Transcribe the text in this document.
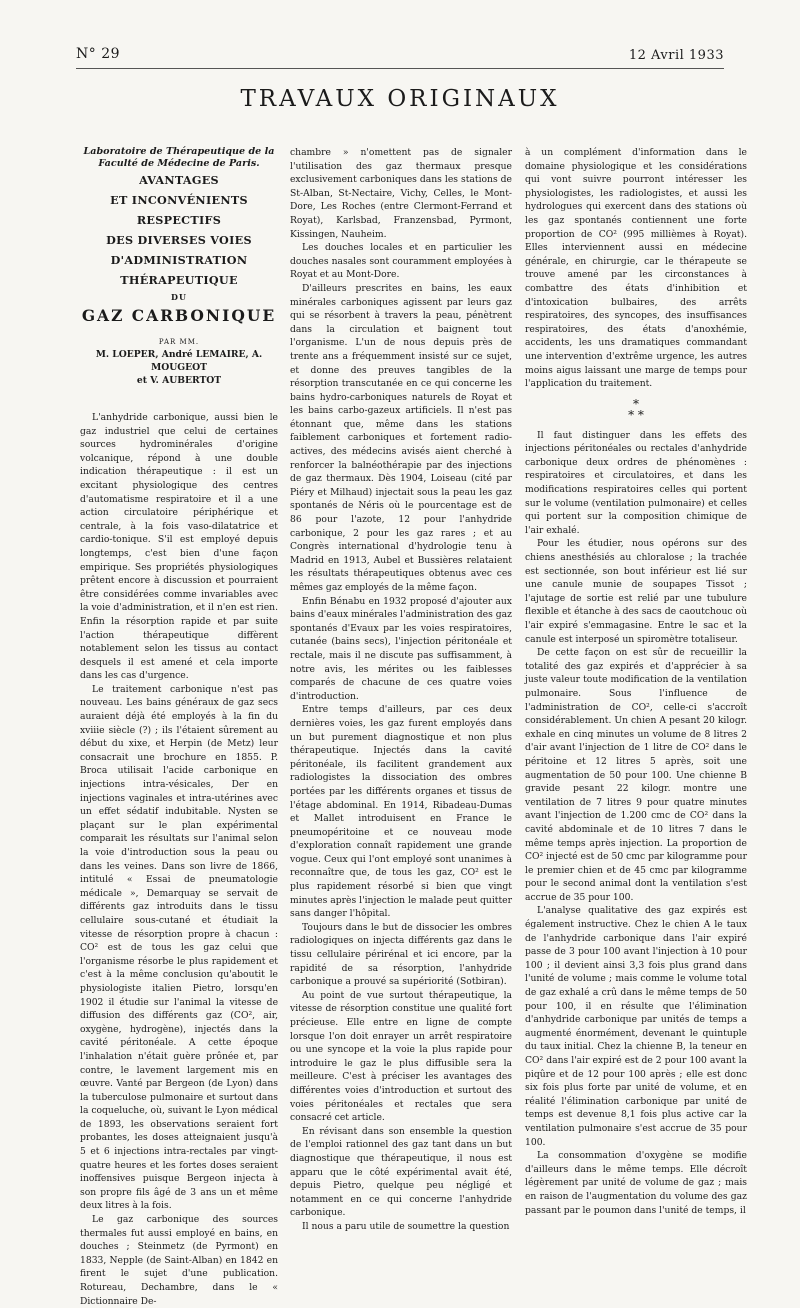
N° 29	12 Avril 1933
TRAVAUX ORIGINAUX

Laboratoire de Thérapeutique de la Faculté de Médecine de Paris.

AVANTAGES
ET INCONVÉNIENTS RESPECTIFS
DES DIVERSES VOIES
D'ADMINISTRATION
THÉRAPEUTIQUE
DU
GAZ CARBONIQUE
PAR MM.
M. LOEPER, André LEMAIRE, A. MOUGEOT
et V. AUBERTOT

L'anhydride carbonique, aussi bien le gaz industriel que celui de certaines sources hydrominérales d'origine volcanique, répond à une double indication thérapeutique : il est un excitant physiologique des centres d'automatisme respiratoire et il a une action circulatoire périphérique et centrale, à la fois vaso-dilatatrice et cardio-tonique. S'il est employé depuis longtemps, c'est bien d'une façon empirique. Ses propriétés physiologiques prêtent encore à discussion et pourraient être considérées comme invariables avec la voie d'administration, et il n'en est rien. Enfin la résorption rapide et par suite l'action thérapeutique diffèrent notablement selon les tissus au contact desquels il est amené et cela importe dans les cas d'urgence.

Le traitement carbonique n'est pas nouveau. Les bains généraux de gaz secs auraient déjà été employés à la fin du xviiie siècle (?) ; ils l'étaient sûrement au début du xixe, et Herpin (de Metz) leur consacrait une brochure en 1855. P. Broca utilisait l'acide carbonique en injections intra-vésicales, Der en injections vaginales et intra-utérines avec un effet sédatif indubitable. Nysten se plaçant sur le plan expérimental comparait les résultats sur l'animal selon la voie d'introduction sous la peau ou dans les veines. Dans son livre de 1866, intitulé « Essai de pneumatologie médicale », Demarquay se servait de différents gaz introduits dans le tissu cellulaire sous-cutané et étudiait la vitesse de résorption propre à chacun : CO² est de tous les gaz celui que l'organisme résorbe le plus rapidement et c'est à la même conclusion qu'aboutit le physiologiste italien Pietro, lorsqu'en 1902 il étudie sur l'animal la vitesse de diffusion des différents gaz (CO², air, oxygène, hydrogène), injectés dans la cavité péritonéale. A cette époque l'inhalation n'était guère prônée et, par contre, le lavement largement mis en œuvre. Vanté par Bergeon (de Lyon) dans la tuberculose pulmonaire et surtout dans la coqueluche, où, suivant le Lyon médical de 1893, les observations seraient fort probantes, les doses atteignaient jusqu'à 5 et 6 injections intra-rectales par vingt-quatre heures et les fortes doses seraient inoffensives puisque Bergeon injecta à son propre fils âgé de 3 ans un et même deux litres à la fois.

Le gaz carbonique des sources thermales fut aussi employé en bains, en douches ; Steinmetz (de Pyrmont) en 1833, Nepple (de Saint-Alban) en 1842 en firent le sujet d'une publication. Rotureau, Dechambre, dans le « Dictionnaire De-

chambre » n'omettent pas de signaler l'utilisation des gaz thermaux presque exclusivement carboniques dans les stations de St-Alban, St-Nectaire, Vichy, Celles, le Mont-Dore, Les Roches (entre Clermont-Ferrand et Royat), Karlsbad, Franzensbad, Pyrmont, Kissingen, Nauheim.

Les douches locales et en particulier les douches nasales sont couramment employées à Royat et au Mont-Dore.

D'ailleurs prescrites en bains, les eaux minérales carboniques agissent par leurs gaz qui se résorbent à travers la peau, pénètrent dans la circulation et baignent tout l'organisme. L'un de nous depuis près de trente ans a fréquemment insisté sur ce sujet, et donne des preuves tangibles de la résorption transcutanée en ce qui concerne les bains hydro-carboniques naturels de Royat et les bains carbo-gazeux artificiels. Il n'est pas étonnant que, même dans les stations faiblement carboniques et fortement radio-actives, des médecins avisés aient cherché à renforcer la balnéothérapie par des injections de gaz thermaux. Dès 1904, Loiseau (cité par Piéry et Milhaud) injectait sous la peau les gaz spontanés de Néris où le pourcentage est de 86 pour l'azote, 12 pour l'anhydride carbonique, 2 pour les gaz rares ; et au Congrès international d'hydrologie tenu à Madrid en 1913, Aubel et Bussières relataient les résultats thérapeutiques obtenus avec ces mêmes gaz employés de la même façon.

Enfin Bénabu en 1932 proposé d'ajouter aux bains d'eaux minérales l'administration des gaz spontanés d'Evaux par les voies respiratoires, cutanée (bains secs), l'injection péritonéale et rectale, mais il ne discute pas suffisamment, à notre avis, les mérites ou les faiblesses comparés de chacune de ces quatre voies d'introduction.

Entre temps d'ailleurs, par ces deux dernières voies, les gaz furent employés dans un but purement diagnostique et non plus thérapeutique. Injectés dans la cavité péritonéale, ils facilitent grandement aux radiologistes la dissociation des ombres portées par les différents organes et tissus de l'étage abdominal. En 1914, Ribadeau-Dumas et Mallet introduisent en France le pneumopéritoine et ce nouveau mode d'exploration connaît rapidement une grande vogue. Ceux qui l'ont employé sont unanimes à reconnaître que, de tous les gaz, CO² est le plus rapidement résorbé si bien que vingt minutes après l'injection le malade peut quitter sans danger l'hôpital.

Toujours dans le but de dissocier les ombres radiologiques on injecta différents gaz dans le tissu cellulaire périrénal et ici encore, par la rapidité de sa résorption, l'anhydride carbonique a prouvé sa supériorité (Sotbiran).

Au point de vue surtout thérapeutique, la vitesse de résorption constitue une qualité fort précieuse. Elle entre en ligne de compte lorsque l'on doit enrayer un arrêt respiratoire ou une syncope et la voie la plus rapide pour introduire le gaz le plus diffusible sera la meilleure. C'est à préciser les avantages des différentes voies d'introduction et surtout des voies péritonéales et rectales que sera consacré cet article.

En révisant dans son ensemble la question de l'emploi rationnel des gaz tant dans un but diagnostique que thérapeutique, il nous est apparu que le côté expérimental avait été, depuis Pietro, quelque peu négligé et notamment en ce qui concerne l'anhydride carbonique.

Il nous a paru utile de soumettre la question

à un complément d'information dans le domaine physiologique et les considérations qui vont suivre pourront intéresser les physiologistes, les radiologistes, et aussi les hydrologues qui exercent dans des stations où les gaz spontanés contiennent une forte proportion de CO² (995 millièmes à Royat). Elles interviennent aussi en médecine générale, en chirurgie, car le thérapeute se trouve amené par les circonstances à combattre des états d'inhibition et d'intoxication bulbaires, des arrêts respiratoires, des syncopes, des insuffisances respiratoires, des états d'anoxhémie, accidents, les uns dramatiques commandant une intervention d'extrême urgence, les autres moins aigus laissant une marge de temps pour l'application du traitement.

*
* *

Il faut distinguer dans les effets des injections péritonéales ou rectales d'anhydride carbonique deux ordres de phénomènes : respiratoires et circulatoires, et dans les modifications respiratoires celles qui portent sur le volume (ventilation pulmonaire) et celles qui portent sur la composition chimique de l'air exhalé.

Pour les étudier, nous opérons sur des chiens anesthésiés au chloralose ; la trachée est sectionnée, son bout inférieur est lié sur une canule munie de soupapes Tissot ; l'ajutage de sortie est relié par une tubulure flexible et étanche à des sacs de caoutchouc où l'air expiré s'emmagasine. Entre le sac et la canule est interposé un spiromètre totaliseur.

De cette façon on est sûr de recueillir la totalité des gaz expirés et d'apprécier à sa juste valeur toute modification de la ventilation pulmonaire. Sous l'influence de l'administration de CO², celle-ci s'accroît considérablement. Un chien A pesant 20 kilogr. exhale en cinq minutes un volume de 8 litres 2 d'air avant l'injection de 1 litre de CO² dans le péritoine et 12 litres 5 après, soit une augmentation de 50 pour 100. Une chienne B gravide pesant 22 kilogr. montre une ventilation de 7 litres 9 pour quatre minutes avant l'injection de 1.200 cmc de CO² dans la cavité abdominale et de 10 litres 7 dans le même temps après injection. La proportion de CO² injecté est de 50 cmc par kilogramme pour le premier chien et de 45 cmc par kilogramme pour le second animal dont la ventilation s'est accrue de 35 pour 100.

L'analyse qualitative des gaz expirés est également instructive. Chez le chien A le taux de l'anhydride carbonique dans l'air expiré passe de 3 pour 100 avant l'injection à 10 pour 100 ; il devient ainsi 3,3 fois plus grand dans l'unité de volume ; mais comme le volume total de gaz exhalé a crû dans le même temps de 50 pour 100, il en résulte que l'élimination d'anhydride carbonique par unités de temps a augmenté énormément, devenant le quintuple du taux initial. Chez la chienne B, la teneur en CO² dans l'air expiré est de 2 pour 100 avant la piqûre et de 12 pour 100 après ; elle est donc six fois plus forte par unité de volume, et en réalité l'élimination carbonique par unité de temps est devenue 8,1 fois plus active car la ventilation pulmonaire s'est accrue de 35 pour 100.

La consommation d'oxygène se modifie d'ailleurs dans le même temps. Elle décroît légèrement par unité de volume de gaz ; mais en raison de l'augmentation du volume des gaz passant par le poumon dans l'unité de temps, il
